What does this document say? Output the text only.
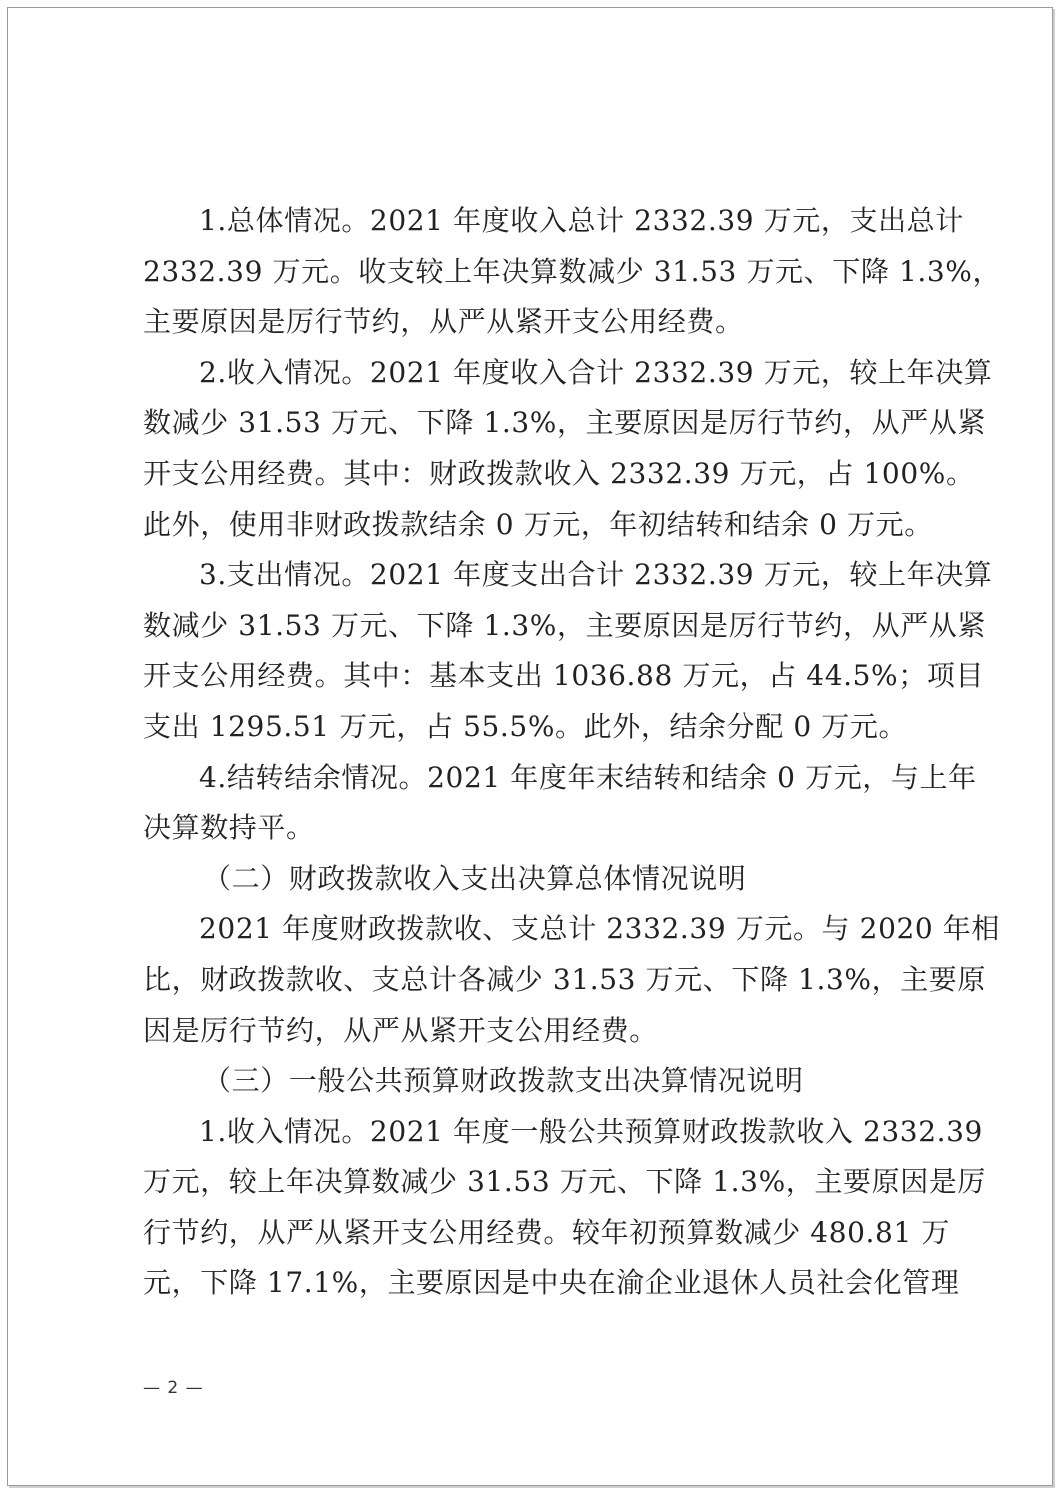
1.总体情况。2021 年度收入总计 2332.39 万元，支出总计
2332.39 万元。收支较上年决算数减少 31.53 万元、下降 1.3%，
主要原因是厉行节约，从严从紧开支公用经费。
2.收入情况。2021 年度收入合计 2332.39 万元，较上年决算
数减少 31.53 万元、下降 1.3%，主要原因是厉行节约，从严从紧
开支公用经费。其中：财政拨款收入 2332.39 万元，占 100%。
此外，使用非财政拨款结余 0 万元，年初结转和结余 0 万元。
3.支出情况。2021 年度支出合计 2332.39 万元，较上年决算
数减少 31.53 万元、下降 1.3%，主要原因是厉行节约，从严从紧
开支公用经费。其中：基本支出 1036.88 万元，占 44.5%；项目
支出 1295.51 万元，占 55.5%。此外，结余分配 0 万元。
4.结转结余情况。2021 年度年末结转和结余 0 万元，与上年
决算数持平。
（二）财政拨款收入支出决算总体情况说明
2021 年度财政拨款收、支总计 2332.39 万元。与 2020 年相
比，财政拨款收、支总计各减少 31.53 万元、下降 1.3%，主要原
因是厉行节约，从严从紧开支公用经费。
（三）一般公共预算财政拨款支出决算情况说明
1.收入情况。2021 年度一般公共预算财政拨款收入 2332.39
万元，较上年决算数减少 31.53 万元、下降 1.3%，主要原因是厉
行节约，从严从紧开支公用经费。较年初预算数减少 480.81 万
元，下降 17.1%，主要原因是中央在渝企业退休人员社会化管理
— 2 —
